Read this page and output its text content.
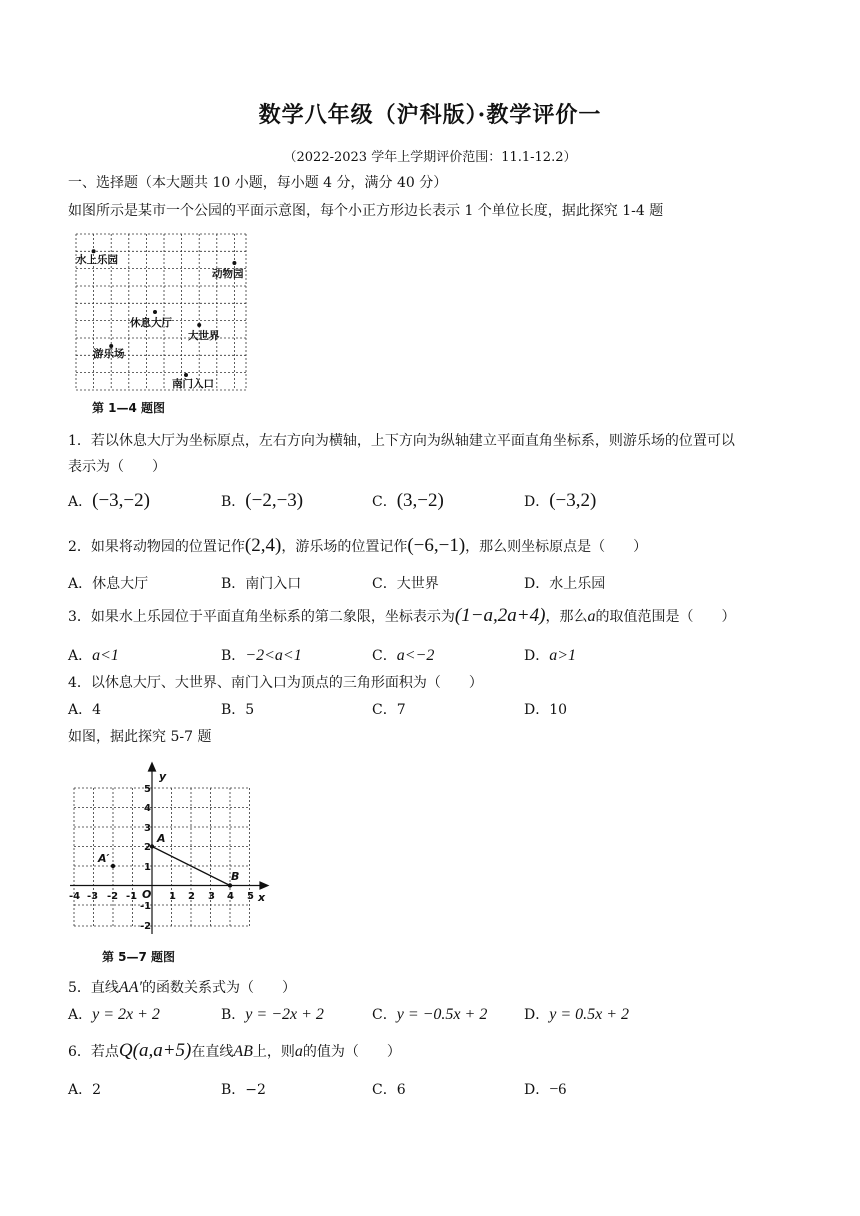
数学八年级（沪科版）·教学评价一
（2022-2023 学年上学期评价范围：11.1-12.2）
一、选择题（本大题共 10 小题，每小题 4 分，满分 40 分）
如图所示是某市一个公园的平面示意图，每个小正方形边长表示 1 个单位长度，据此探究 1-4 题
水上乐园
动物园
休息大厅
大世界
游乐场
南门入口
第 1—4 题图
1．若以休息大厅为坐标原点，左右方向为横轴，上下方向为纵轴建立平面直角坐标系，则游乐场的位置可以
表示为（　　）
A．(−3,−2)	B．(−2,−3)	C．(3,−2)	D．(−3,2)
2．如果将动物园的位置记作(2,4)，游乐场的位置记作(−6,−1)，那么则坐标原点是（　　）
A．休息大厅	B．南门入口	C．大世界	D．水上乐园
3．如果水上乐园位于平面直角坐标系的第二象限，坐标表示为(1−a,2a+4)，那么a的取值范围是（　　）
A．a<1	B．−2<a<1	C．a<−2	D．a>1
4．以休息大厅、大世界、南门入口为顶点的三角形面积为（　　）
A．4	B．5	C．7	D．10
如图，据此探究 5-7 题
y
x
O
A
A′
B
-4 -3 -2 -1	1 2 3 4 5
5
4
3
2
1
-1
-2
第 5—7 题图
5．直线AA′的函数关系式为（　　）
A．y = 2x + 2	B．y = −2x + 2	C．y = −0.5x + 2	D．y = 0.5x + 2
6．若点Q(a,a+5)在直线AB上，则a的值为（　　）
A．2	B．−2	C．6	D．−6
